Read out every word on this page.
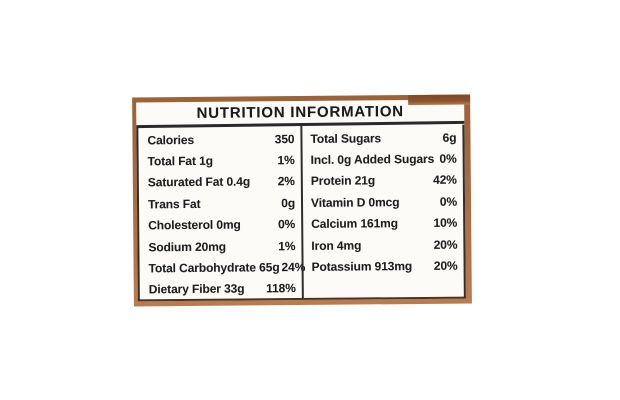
NUTRITION INFORMATION
Calories	350
Total Fat 1g	1%
Saturated Fat 0.4g 2%
Trans Fat	0g
Cholesterol 0mg	0%
Sodium 20mg	1%
Total Carbohydrate 65g 24%
Dietary Fiber 33g 118%
Total Sugars	6g
Incl. 0g Added Sugars 0%
Protein 21g	42%
Vitamin D 0mcg	0%
Calcium 161mg	10%
Iron 4mg	20%
Potassium 913mg 20%
